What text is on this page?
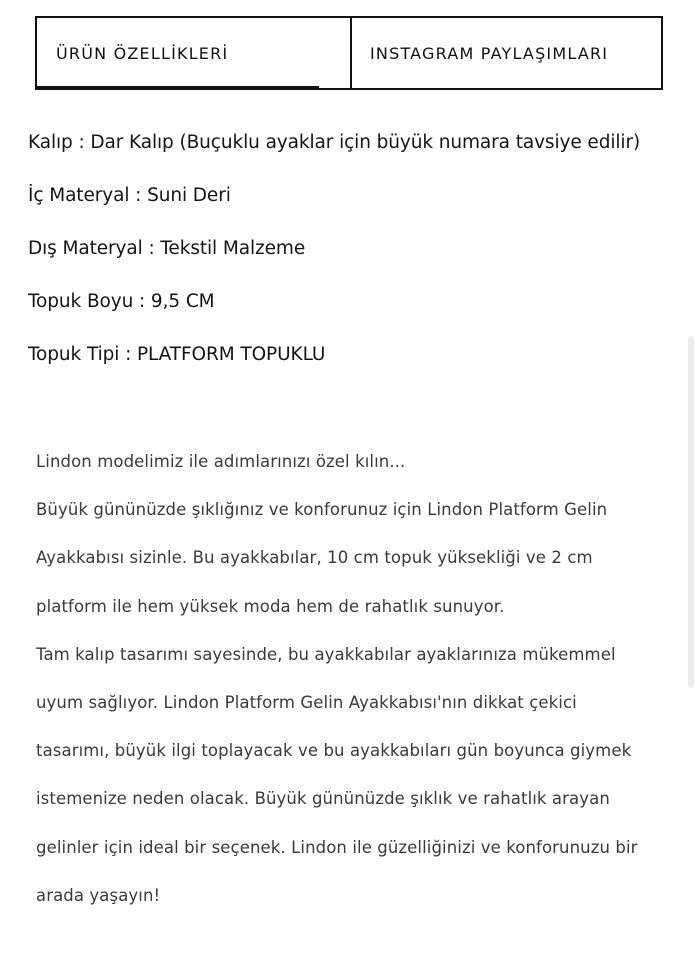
ÜRÜN ÖZELLİKLERİ	INSTAGRAM PAYLAŞIMLARI
Kalıp : Dar Kalıp (Buçuklu ayaklar için büyük numara tavsiye edilir)
İç Materyal : Suni Deri
Dış Materyal : Tekstil Malzeme
Topuk Boyu : 9,5 CM
Topuk Tipi : PLATFORM TOPUKLU

Lindon modelimiz ile adımlarınızı özel kılın...

Büyük gününüzde şıklığınız ve konforunuz için Lindon Platform Gelin

Ayakkabısı sizinle. Bu ayakkabılar, 10 cm topuk yüksekliği ve 2 cm

platform ile hem yüksek moda hem de rahatlık sunuyor.

Tam kalıp tasarımı sayesinde, bu ayakkabılar ayaklarınıza mükemmel

uyum sağlıyor. Lindon Platform Gelin Ayakkabısı'nın dikkat çekici

tasarımı, büyük ilgi toplayacak ve bu ayakkabıları gün boyunca giymek

istemenize neden olacak. Büyük gününüzde şıklık ve rahatlık arayan

gelinler için ideal bir seçenek. Lindon ile güzelliğinizi ve konforunuzu bir

arada yaşayın!
